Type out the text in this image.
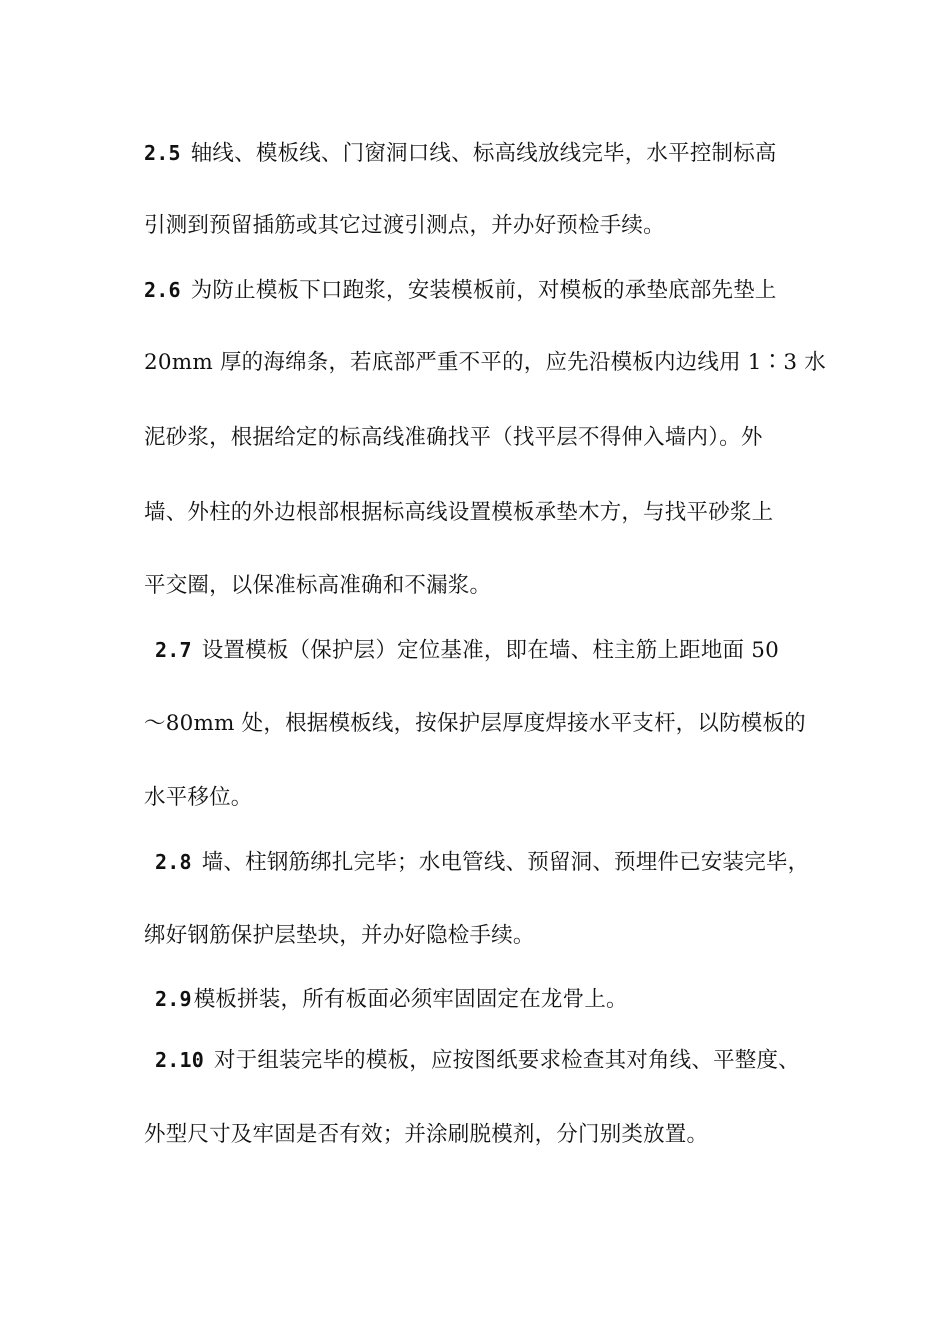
2.5 轴线、模板线、门窗洞口线、标高线放线完毕，水平控制标高
引测到预留插筋或其它过渡引测点，并办好预检手续。
2.6 为防止模板下口跑浆，安装模板前，对模板的承垫底部先垫上
20mm 厚的海绵条，若底部严重不平的，应先沿模板内边线用 1∶3 水
泥砂浆，根据给定的标高线准确找平（找平层不得伸入墙内）。外
墙、外柱的外边根部根据标高线设置模板承垫木方，与找平砂浆上
平交圈，以保准标高准确和不漏浆。
2.7 设置模板（保护层）定位基准，即在墙、柱主筋上距地面 50
～80mm 处，根据模板线，按保护层厚度焊接水平支杆，以防模板的
水平移位。
2.8 墙、柱钢筋绑扎完毕；水电管线、预留洞、预埋件已安装完毕，
绑好钢筋保护层垫块，并办好隐检手续。
2.9模板拼装，所有板面必须牢固固定在龙骨上。
2.10 对于组装完毕的模板，应按图纸要求检查其对角线、平整度、
外型尺寸及牢固是否有效；并涂刷脱模剂，分门别类放置。
